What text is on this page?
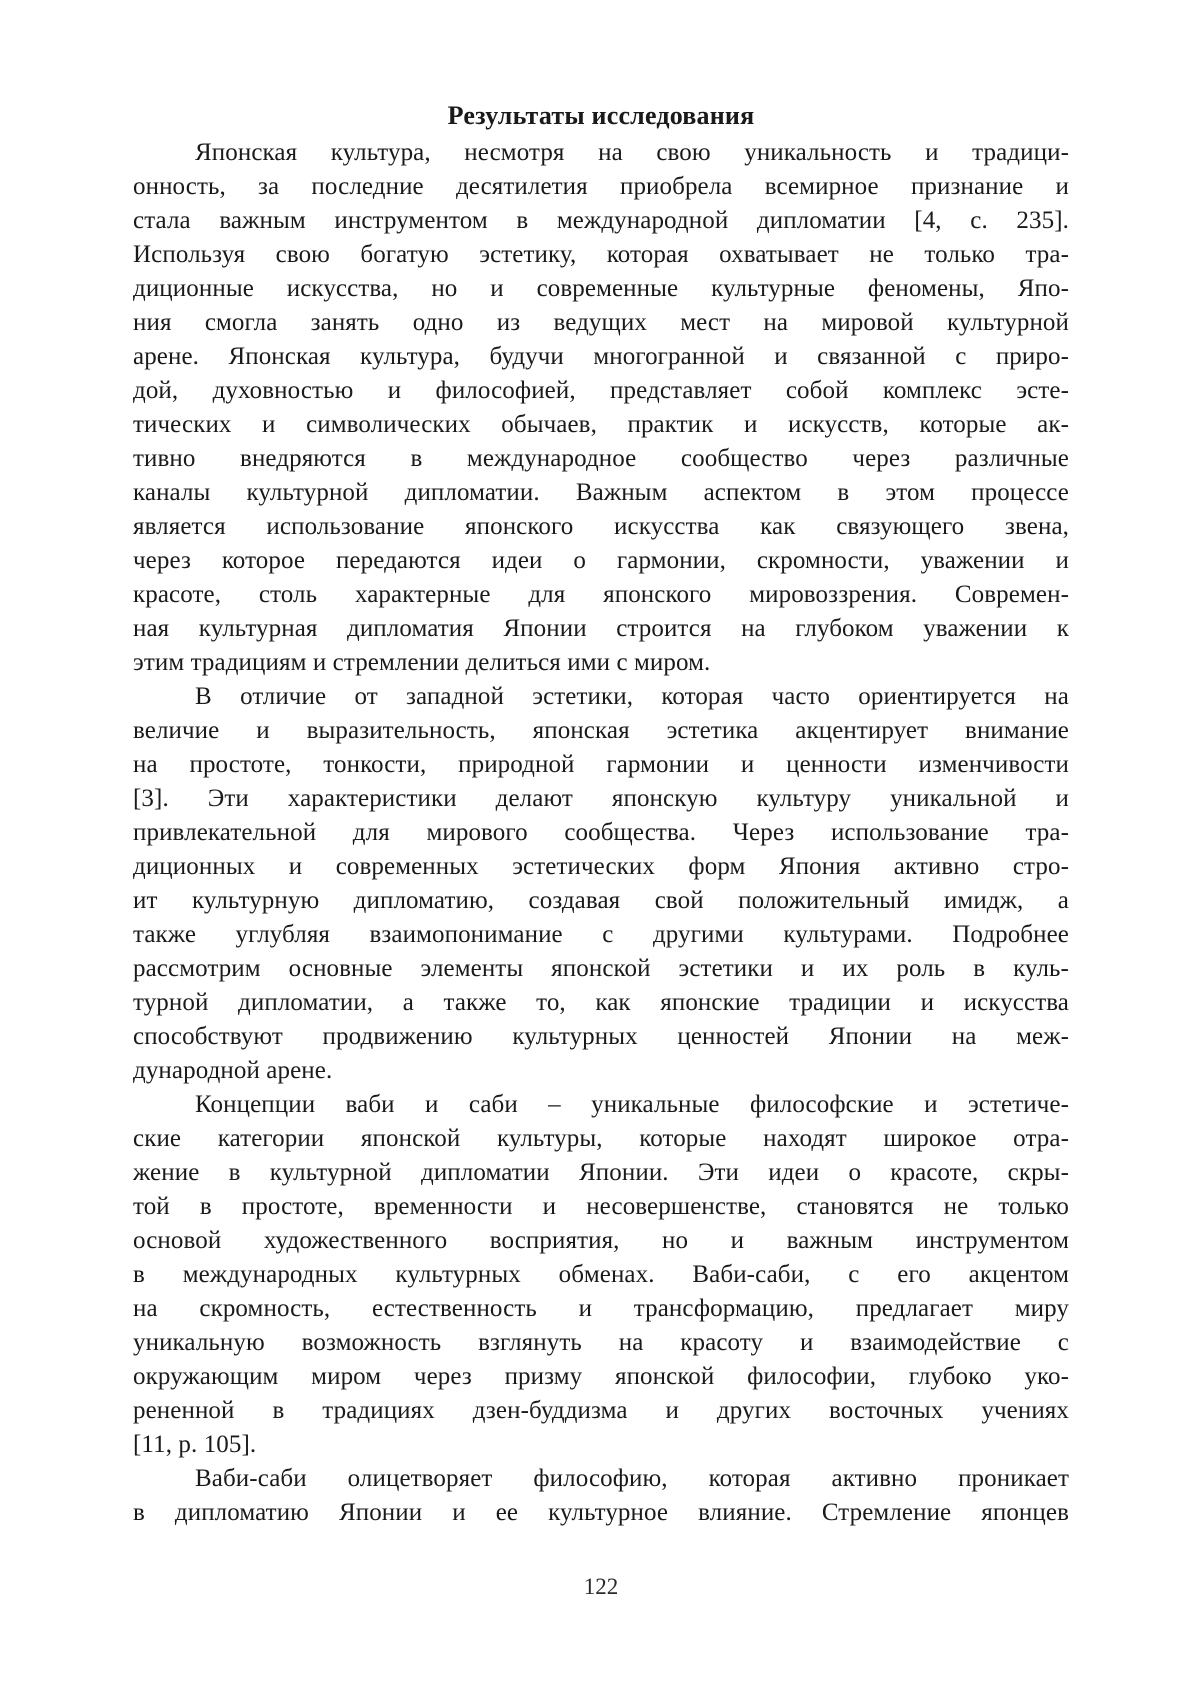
Результаты исследования
Японская культура, несмотря на свою уникальность и традици-
онность, за последние десятилетия приобрела всемирное признание и
стала важным инструментом в международной дипломатии [4, с. 235].
Используя свою богатую эстетику, которая охватывает не только тра-
диционные искусства, но и современные культурные феномены, Япо-
ния смогла занять одно из ведущих мест на мировой культурной
арене. Японская культура, будучи многогранной и связанной с приро-
дой, духовностью и философией, представляет собой комплекс эсте-
тических и символических обычаев, практик и искусств, которые ак-
тивно внедряются в международное сообщество через различные
каналы культурной дипломатии. Важным аспектом в этом процессе
является использование японского искусства как связующего звена,
через которое передаются идеи о гармонии, скромности, уважении и
красоте, столь характерные для японского мировоззрения. Современ-
ная культурная дипломатия Японии строится на глубоком уважении к
этим традициям и стремлении делиться ими с миром.
В отличие от западной эстетики, которая часто ориентируется на
величие и выразительность, японская эстетика акцентирует внимание
на простоте, тонкости, природной гармонии и ценности изменчивости
[3]. Эти характеристики делают японскую культуру уникальной и
привлекательной для мирового сообщества. Через использование тра-
диционных и современных эстетических форм Япония активно стро-
ит культурную дипломатию, создавая свой положительный имидж, а
также углубляя взаимопонимание с другими культурами. Подробнее
рассмотрим основные элементы японской эстетики и их роль в куль-
турной дипломатии, а также то, как японские традиции и искусства
способствуют продвижению культурных ценностей Японии на меж-
дународной арене.
Концепции ваби и саби – уникальные философские и эстетиче-
ские категории японской культуры, которые находят широкое отра-
жение в культурной дипломатии Японии. Эти идеи о красоте, скры-
той в простоте, временности и несовершенстве, становятся не только
основой художественного восприятия, но и важным инструментом
в международных культурных обменах. Ваби-саби, с его акцентом
на скромность, естественность и трансформацию, предлагает миру
уникальную возможность взглянуть на красоту и взаимодействие с
окружающим миром через призму японской философии, глубоко уко-
рененной в традициях дзен-буддизма и других восточных учениях
[11, p. 105].
Ваби-саби олицетворяет философию, которая активно проникает
в дипломатию Японии и ее культурное влияние. Стремление японцев
122
